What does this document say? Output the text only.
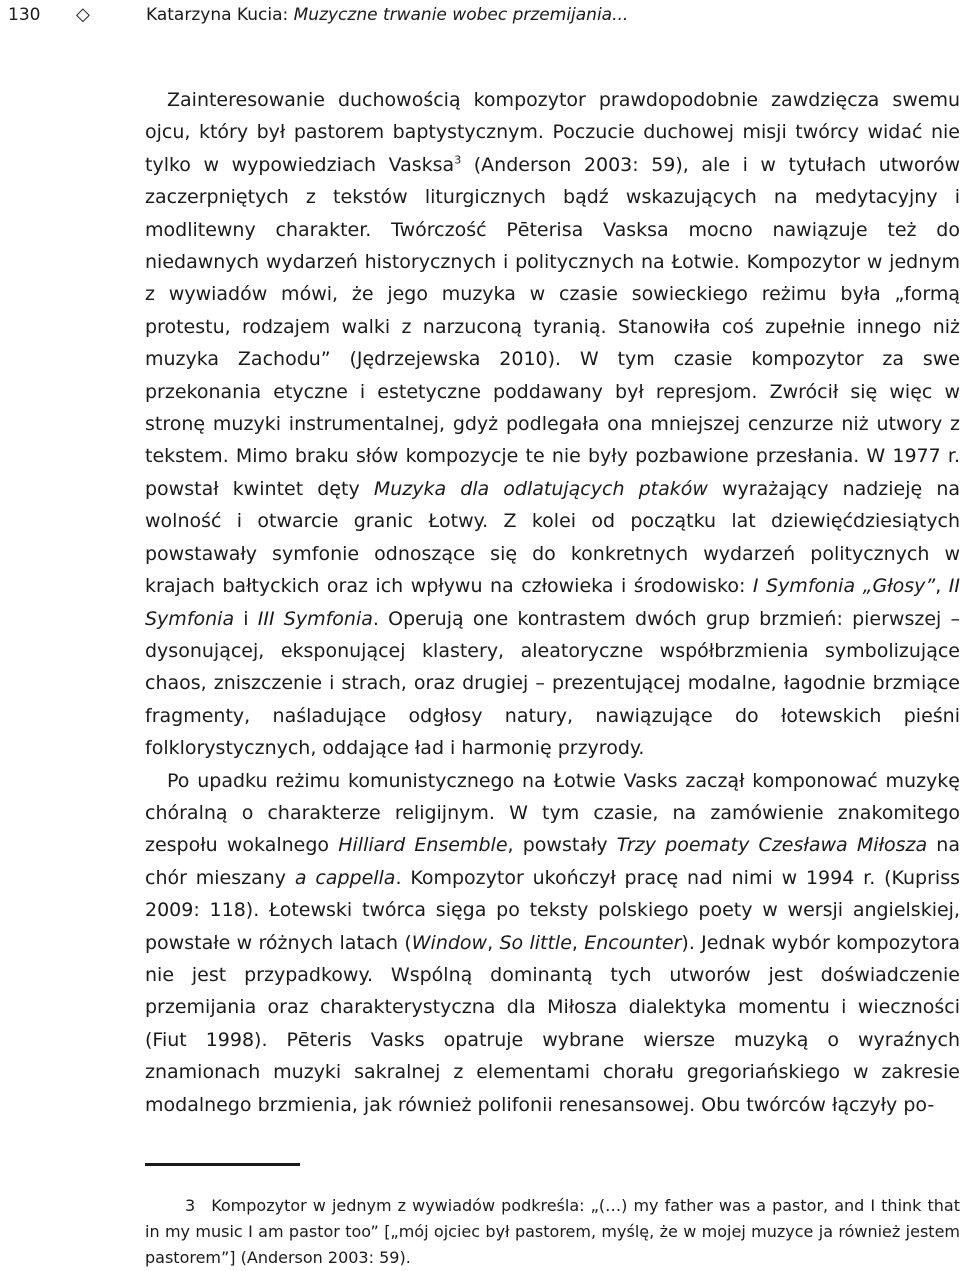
130 ◇	Katarzyna Kucia: Muzyczne trwanie wobec przemijania...

Zainteresowanie duchowością kompozytor prawdopodobnie zawdzięcza swemu ojcu, który był pastorem baptystycznym. Poczucie duchowej misji twórcy widać nie tylko w wypowiedziach Vasksa$^3$ (Anderson 2003: 59), ale i w tytułach utworów zaczerpniętych z tekstów liturgicznych bądź wskazujących na medytacyjny i modlitewny charakter. Twórczość Pēterisa Vasksa mocno nawiązuje też do niedawnych wydarzeń historycznych i politycznych na Łotwie. Kompozytor w jednym z wywiadów mówi, że jego muzyka w czasie sowieckiego reżimu była „formą protestu, rodzajem walki z narzuconą tyranią. Stanowiła coś zupełnie innego niż muzyka Zachodu” (Jędrzejewska 2010). W tym czasie kompozytor za swe przekonania etyczne i estetyczne poddawany był represjom. Zwrócił się więc w stronę muzyki instrumentalnej, gdyż podlegała ona mniejszej cenzurze niż utwory z tekstem. Mimo braku słów kompozycje te nie były pozbawione przesłania. W 1977 r. powstał kwintet dęty Muzyka dla odlatujących ptaków wyrażający nadzieję na wolność i otwarcie granic Łotwy. Z kolei od początku lat dziewięćdziesiątych powstawały symfonie odnoszące się do konkretnych wydarzeń politycznych w krajach bałtyckich oraz ich wpływu na człowieka i środowisko: I Symfonia „Głosy”, II Symfonia i III Symfonia. Operują one kontrastem dwóch grup brzmień: pierwszej – dysonującej, eksponującej klastery, aleatoryczne współbrzmienia symbolizujące chaos, zniszczenie i strach, oraz drugiej – prezentującej modalne, łagodnie brzmiące fragmenty, naśladujące odgłosy natury, nawiązujące do łotewskich pieśni folklorystycznych, oddające ład i harmonię przyrody.

Po upadku reżimu komunistycznego na Łotwie Vasks zaczął komponować muzykę chóralną o charakterze religijnym. W tym czasie, na zamówienie znakomitego zespołu wokalnego Hilliard Ensemble, powstały Trzy poematy Czesława Miłosza na chór mieszany a cappella. Kompozytor ukończył pracę nad nimi w 1994 r. (Kupriss 2009: 118). Łotewski twórca sięga po teksty polskiego poety w wersji angielskiej, powstałe w różnych latach (Window, So little, Encounter). Jednak wybór kompozytora nie jest przypadkowy. Wspólną dominantą tych utworów jest doświadczenie przemijania oraz charakterystyczna dla Miłosza dialektyka momentu i wieczności (Fiut 1998). Pēteris Vasks opatruje wybrane wiersze muzyką o wyraźnych znamionach muzyki sakralnej z elementami chorału gregoriańskiego w zakresie modalnego brzmienia, jak również polifonii renesansowej. Obu twórców łączyły po-

3 Kompozytor w jednym z wywiadów podkreśla: „(…) my father was a pastor, and I think that in my music I am pastor too” [„mój ojciec był pastorem, myślę, że w mojej muzyce ja również jestem pastorem”] (Anderson 2003: 59).
